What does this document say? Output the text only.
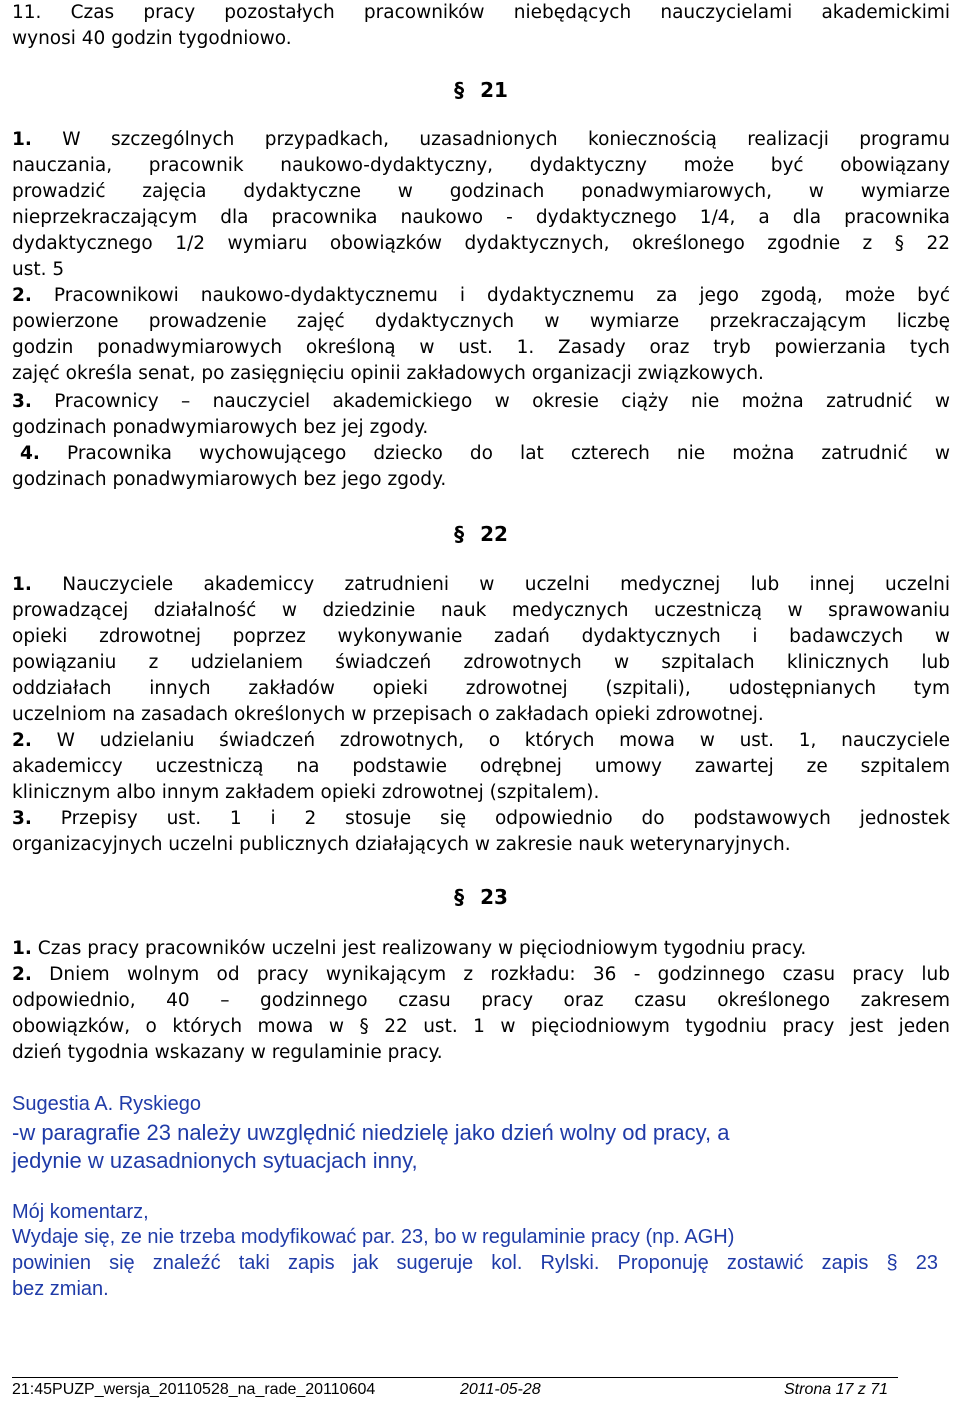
11. Czas pracy pozostałych pracowników niebędących nauczycielami akademickimi
wynosi 40 godzin tygodniowo.
§ 21
1. W szczególnych przypadkach, uzasadnionych koniecznością realizacji programu
nauczania, pracownik naukowo-dydaktyczny, dydaktyczny może być obowiązany
prowadzić zajęcia dydaktyczne w godzinach ponadwymiarowych, w wymiarze
nieprzekraczającym dla pracownika naukowo - dydaktycznego 1/4, a dla pracownika
dydaktycznego 1/2 wymiaru obowiązków dydaktycznych, określonego zgodnie z § 22
ust. 5
2. Pracownikowi naukowo-dydaktycznemu i dydaktycznemu za jego zgodą, może być
powierzone prowadzenie zajęć dydaktycznych w wymiarze przekraczającym liczbę
godzin ponadwymiarowych określoną w ust. 1. Zasady oraz tryb powierzania tych
zajęć określa senat, po zasięgnięciu opinii zakładowych organizacji związkowych.
3. Pracownicy – nauczyciel akademickiego w okresie ciąży nie można zatrudnić w
godzinach ponadwymiarowych bez jej zgody.
4. Pracownika wychowującego dziecko do lat czterech nie można zatrudnić w
godzinach ponadwymiarowych bez jego zgody.
§ 22
1. Nauczyciele akademiccy zatrudnieni w uczelni medycznej lub innej uczelni
prowadzącej działalność w dziedzinie nauk medycznych uczestniczą w sprawowaniu
opieki zdrowotnej poprzez wykonywanie zadań dydaktycznych i badawczych w
powiązaniu z udzielaniem świadczeń zdrowotnych w szpitalach klinicznych lub
oddziałach innych zakładów opieki zdrowotnej (szpitali), udostępnianych tym
uczelniom na zasadach określonych w przepisach o zakładach opieki zdrowotnej.
2. W udzielaniu świadczeń zdrowotnych, o których mowa w ust. 1, nauczyciele
akademiccy uczestniczą na podstawie odrębnej umowy zawartej ze szpitalem
klinicznym albo innym zakładem opieki zdrowotnej (szpitalem).
3. Przepisy ust. 1 i 2 stosuje się odpowiednio do podstawowych jednostek
organizacyjnych uczelni publicznych działających w zakresie nauk weterynaryjnych.
§ 23
1. Czas pracy pracowników uczelni jest realizowany w pięciodniowym tygodniu pracy.
2. Dniem wolnym od pracy wynikającym z rozkładu: 36 - godzinnego czasu pracy lub
odpowiednio, 40 – godzinnego czasu pracy oraz czasu określonego zakresem
obowiązków, o których mowa w § 22 ust. 1 w pięciodniowym tygodniu pracy jest jeden
dzień tygodnia wskazany w regulaminie pracy.
Sugestia A. Ryskiego
-w paragrafie 23 należy uwzględnić niedzielę jako dzień wolny od pracy, a
jedynie w uzasadnionych sytuacjach inny,
Mój komentarz,
Wydaje się, ze nie trzeba modyfikować par. 23, bo w regulaminie pracy (np. AGH)
powinien się znaleźć taki zapis jak sugeruje kol. Rylski. Proponuję zostawić zapis § 23
bez zmian.
21:45PUZP_wersja_20110528_na_rade_20110604	2011-05-28	Strona 17 z 71
